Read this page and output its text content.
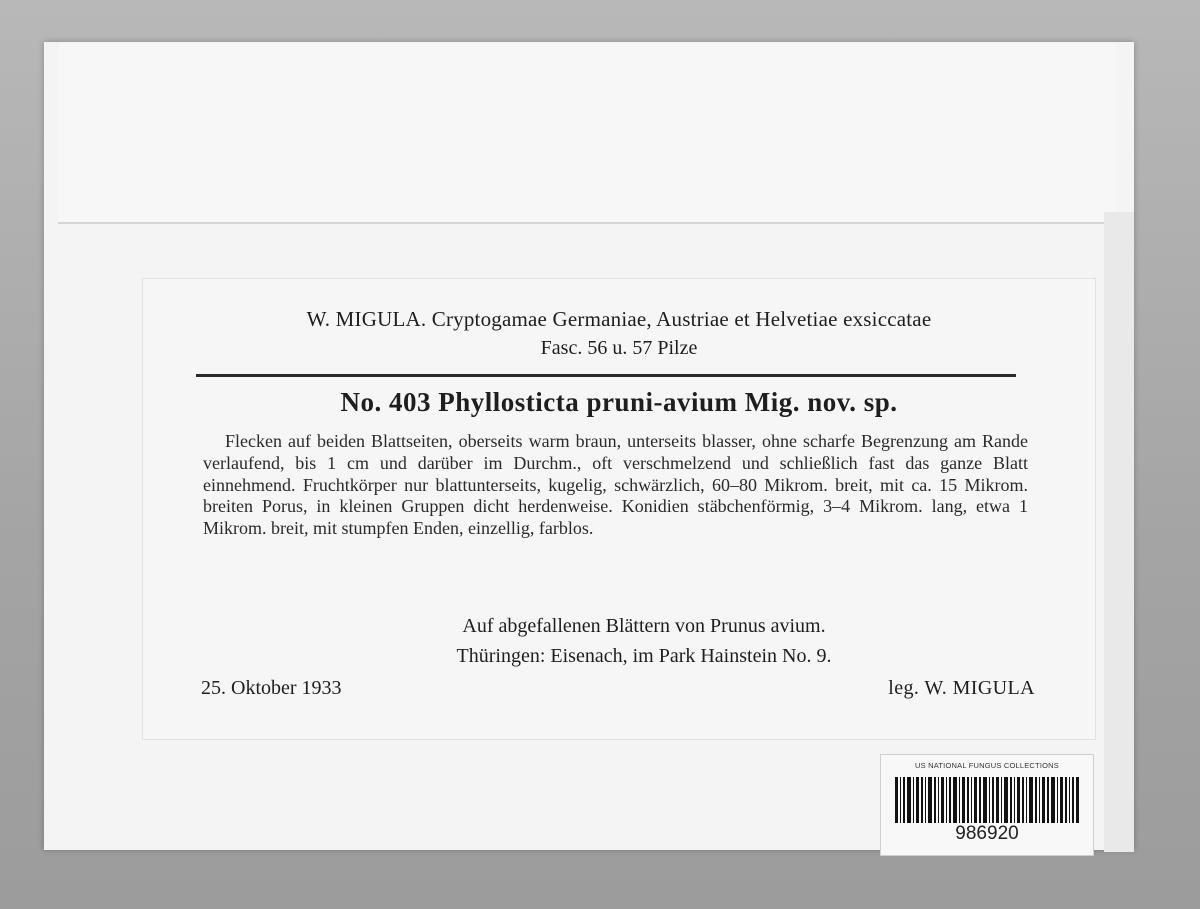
W. MIGULA. Cryptogamae Germaniae, Austriae et Helvetiae exsiccatae
Fasc. 56 u. 57 Pilze
No. 403 Phyllosticta pruni-avium Mig. nov. sp.
Flecken auf beiden Blattseiten, oberseits warm braun, unterseits blasser, ohne scharfe Begrenzung am Rande verlaufend, bis 1 cm und darüber im Durchm., oft verschmelzend und schließlich fast das ganze Blatt einnehmend. Fruchtkörper nur blattunterseits, kugelig, schwärzlich, 60–80 Mikrom. breit, mit ca. 15 Mikrom. breiten Porus, in kleinen Gruppen dicht herdenweise. Konidien stäbchenförmig, 3–4 Mikrom. lang, etwa 1 Mikrom. breit, mit stumpfen Enden, einzellig, farblos.
Auf abgefallenen Blättern von Prunus avium.
Thüringen: Eisenach, im Park Hainstein No. 9.
25. Oktober 1933	leg. W. MIGULA
US NATIONAL FUNGUS COLLECTIONS
986920
